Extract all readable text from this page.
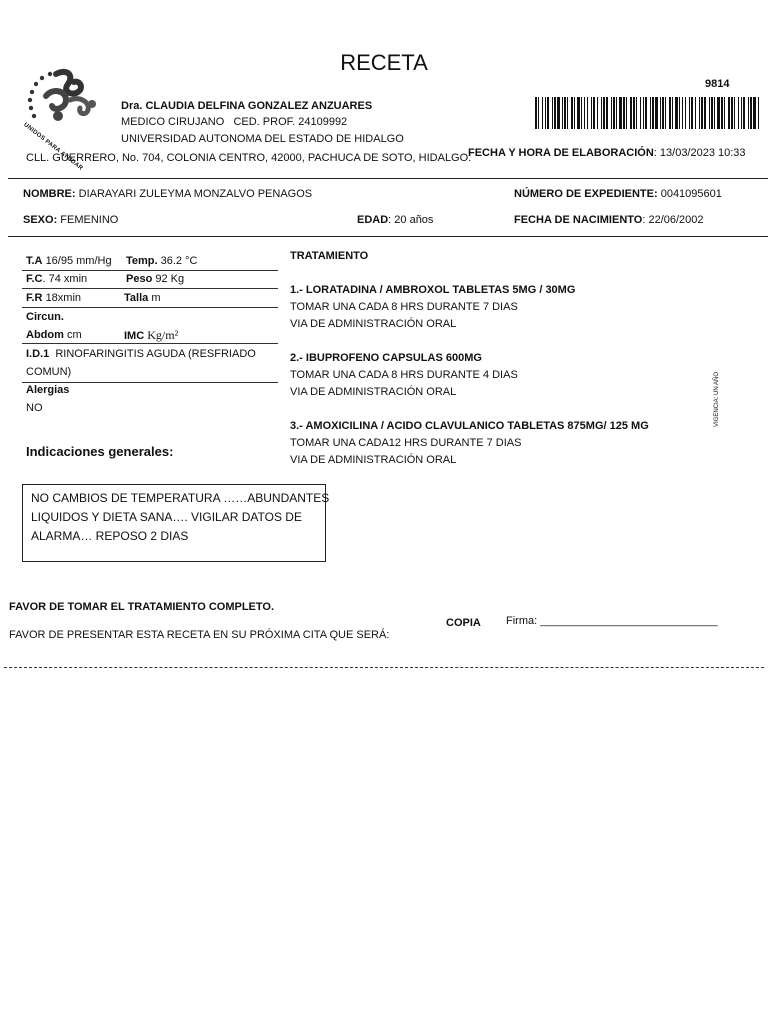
RECETA
UNIDOS PARA AYUDAR
Dra. CLAUDIA DELFINA GONZALEZ ANZUARES
MEDICO CIRUJANO   CED. PROF. 24109992
UNIVERSIDAD AUTONOMA DEL ESTADO DE HIDALGO
CLL. GUERRERO, No. 704, COLONIA CENTRO, 42000, PACHUCA DE SOTO, HIDALGO.
9814
FECHA Y HORA DE ELABORACIÓN: 13/03/2023 10:33
NOMBRE: DIARAYARI ZULEYMA MONZALVO PENAGOS	NÚMERO DE EXPEDIENTE: 0041095601
SEXO: FEMENINO	EDAD: 20 años	FECHA DE NACIMIENTO: 22/06/2002
T.A 16/95 mm/Hg Temp. 36.2 °C
F.C. 74 xmin	Peso 92 Kg
F.R 18xmin	Talla m
Circun.
Abdom cm	IMC Kg/m²
I.D.1 RINOFARINGITIS AGUDA (RESFRIADO
COMUN)
Alergias
NO
Indicaciones generales:
NO CAMBIOS DE TEMPERATURA ……ABUNDANTES
LIQUIDOS Y DIETA SANA…. VIGILAR DATOS DE
ALARMA… REPOSO 2 DIAS
TRATAMIENTO
1.- LORATADINA / AMBROXOL TABLETAS 5MG / 30MG
TOMAR UNA CADA 8 HRS DURANTE 7 DIAS
VIA DE ADMINISTRACIÓN ORAL
2.- IBUPROFENO CAPSULAS 600MG
TOMAR UNA CADA 8 HRS DURANTE 4 DIAS
VIA DE ADMINISTRACIÓN ORAL
3.- AMOXICILINA / ACIDO CLAVULANICO TABLETAS 875MG/ 125 MG
TOMAR UNA CADA12 HRS DURANTE 7 DIAS
VIA DE ADMINISTRACIÓN ORAL
VIGENCIA: UN AÑO
FAVOR DE TOMAR EL TRATAMIENTO COMPLETO.
FAVOR DE PRESENTAR ESTA RECETA EN SU PRÓXIMA CITA QUE SERÁ:
COPIA Firma: _____________________________
